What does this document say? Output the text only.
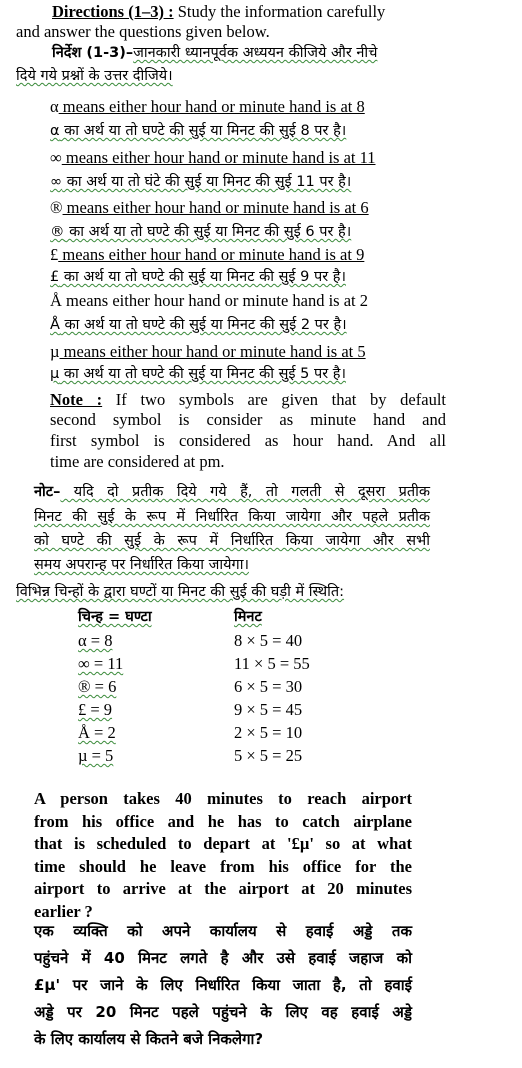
Directions (1–3) : Study the information carefully
and answer the questions given below.
निर्देश (1-3)–जानकारी ध्यानपूर्वक अध्ययन कीजिये और नीचे
दिये गये प्रश्नों के उत्तर दीजिये।
α means either hour hand or minute hand is at 8
α का अर्थ या तो घण्टे की सुई या मिनट की सुई 8 पर है।
∞ means either hour hand or minute hand is at 11
∞ का अर्थ या तो घंटे की सुई या मिनट की सुई 11 पर है।
® means either hour hand or minute hand is at 6
® का अर्थ या तो घण्टे की सुई या मिनट की सुई 6 पर है।
£ means either hour hand or minute hand is at 9
£ का अर्थ या तो घण्टे की सुई या मिनट की सुई 9 पर है।
Å means either hour hand or minute hand is at 2
Å का अर्थ या तो घण्टे की सुई या मिनट की सुई 2 पर है।
µ means either hour hand or minute hand is at 5
µ का अर्थ या तो घण्टे की सुई या मिनट की सुई 5 पर है।
Note : If two symbols are given that by default
second symbol is consider as minute hand and
first symbol is considered as hour hand. And all
time are considered at pm.
नोट– यदि दो प्रतीक दिये गये हैं, तो गलती से दूसरा प्रतीक
मिनट की सुई के रूप में निर्धारित किया जायेगा और पहले प्रतीक
को घण्टे की सुई के रूप में निर्धारित किया जायेगा और सभी
समय अपरान्ह पर निर्धारित किया जायेगा।
विभिन्न चिन्हों के द्वारा घण्टों या मिनट की सुई की घड़ी में स्थिति:
चिन्ह = घण्टा	मिनट
α = 8	8 × 5 = 40
∞ = 11	11 × 5 = 55
® = 6	6 × 5 = 30
£ = 9	9 × 5 = 45
Å = 2	2 × 5 = 10
µ = 5	5 × 5 = 25
A person takes 40 minutes to reach airport
from his office and he has to catch airplane
that is scheduled to depart at '£µ' so at what
time should he leave from his office for the
airport to arrive at the airport at 20 minutes
earlier ?
एक व्यक्ति को अपने कार्यालय से हवाई अड्डे तक
पहुंचने में 40 मिनट लगते है और उसे हवाई जहाज को
£µ' पर जाने के लिए निर्धारित किया जाता है, तो हवाई
अड्डे पर 20 मिनट पहले पहुंचने के लिए वह हवाई अड्डे
के लिए कार्यालय से कितने बजे निकलेगा?
